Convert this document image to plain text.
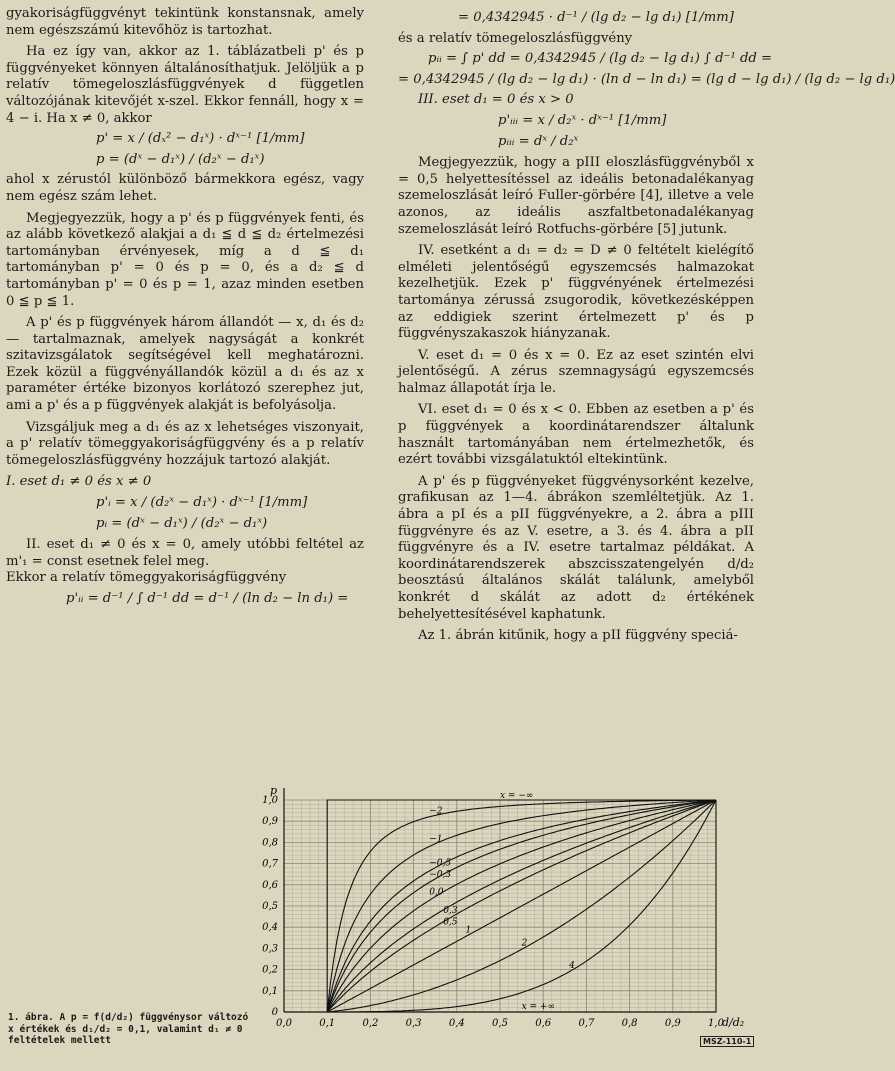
gyakoriságfüggvényt tekintünk konstansnak, amely nem egészszámú kitevőhöz is tartozhat.

Ha ez így van, akkor az 1. táblázatbeli p' és p függvényeket könnyen általánosíthatjuk. Jelöljük a p relatív tömegeloszlásfüggvények d független változójának kitevőjét x-szel. Ekkor fennáll, hogy x = 4 − i. Ha x ≠ 0, akkor

p' = x / (dₓ² − d₁ˣ) · dˣ⁻¹ [1/mm]

p = (dˣ − d₁ˣ) / (d₂ˣ − d₁ˣ)

ahol x zérustól különböző bármekkora egész, vagy nem egész szám lehet.

Megjegyezzük, hogy a p' és p függvények fenti, és az alább következő alakjai a d₁ ≦ d ≦ d₂ értelmezési tartományban érvényesek, míg a d ≦ d₁ tartományban p' = 0 és p = 0, és a d₂ ≦ d tartományban p' = 0 és p = 1, azaz minden esetben 0 ≦ p ≦ 1.

A p' és p függvények három állandót — x, d₁ és d₂ — tartalmaznak, amelyek nagyságát a konkrét szitavizsgálatok segítségével kell meghatározni. Ezek közül a függvényállandók közül a d₁ és az x paraméter értéke bizonyos korlátozó szerephez jut, ami a p' és a p függvények alakját is befolyásolja.

Vizsgáljuk meg a d₁ és az x lehetséges viszonyait, a p' relatív tömeggyakoriságfüggvény és a p relatív tömegeloszlásfüggvény hozzájuk tartozó alakját.

I. eset d₁ ≠ 0 és x ≠ 0

p'ᵢ = x / (d₂ˣ − d₁ˣ) · dˣ⁻¹ [1/mm]

pᵢ = (dˣ − d₁ˣ) / (d₂ˣ − d₁ˣ)

II. eset d₁ ≠ 0 és x = 0, amely utóbbi feltétel az m'₁ = const esetnek felel meg.

Ekkor a relatív tömeggyakoriságfüggvény

p'ᵢᵢ = d⁻¹ / ∫ d⁻¹ dd = d⁻¹ / (ln d₂ − ln d₁) =

= 0,4342945 · d⁻¹ / (lg d₂ − lg d₁) [1/mm]

és a relatív tömegeloszlásfüggvény

pᵢᵢ = ∫ p' dd = 0,4342945 / (lg d₂ − lg d₁) ∫ d⁻¹ dd =

= 0,4342945 / (lg d₂ − lg d₁) · (ln d − ln d₁) = (lg d − lg d₁) / (lg d₂ − lg d₁)

III. eset d₁ = 0 és x > 0

p'ᵢᵢᵢ = x / d₂ˣ · dˣ⁻¹ [1/mm]

pᵢᵢᵢ = dˣ / d₂ˣ

Megjegyezzük, hogy a pIII eloszlásfüggvényből x = 0,5 helyettesítéssel az ideális betonadalékanyag szemeloszlását leíró Fuller-görbére [4], illetve a vele azonos, az ideális aszfaltbetonadalékanyag szemeloszlását leíró Rotfuchs-görbére [5] jutunk.

IV. esetként a d₁ = d₂ = D ≠ 0 feltételt kielégítő elméleti jelentőségű egyszemcsés halmazokat kezelhetjük. Ezek p' függvényének értelmezési tartománya zérussá zsugorodik, következésképpen az eddigiek szerint értelmezett p' és p függvényszakaszok hiányzanak.

V. eset d₁ = 0 és x = 0. Ez az eset szintén elvi jelentőségű. A zérus szemnagyságú egyszemcsés halmaz állapotát írja le.

VI. eset d₁ = 0 és x < 0. Ebben az esetben a p' és p függvények a koordinátarendszer általunk használt tartományában nem értelmezhetők, és ezért további vizsgálatuktól eltekintünk.

A p' és p függvényeket függvénysorként kezelve, grafikusan az 1—4. ábrákon szemléltetjük. Az 1. ábra a pI és a pII függvényekre, a 2. ábra a pIII függvényre és az V. esetre, a 3. és 4. ábra a pII függvényre és a IV. esetre tartalmaz példákat. A koordinátarendszerek abszcisszatengelyén d/d₂ beosztású általános skálát találunk, amelyből konkrét d skálát az adott d₂ értékének behelyettesítésével kaphatunk.

Az 1. ábrán kitűnik, hogy a pII függvény speciá-

0,0	0,1	0,2	0,3	0,4	0,5	0,6	0,7	0,8	0,9	1,0
0
0,1
0,2
0,3
0,4
0,5
0,6
0,7
0,8
0,9
1,0
p
d/d₂
x = −∞
−2
−1
−0,5
−0,3
0,0
0,3
0,5
1
2
4
x = +∞
1. ábra. A p = f(d/d₂) függvénysor változó x értékek és d₁/d₂ = 0,1, valamint d₁ ≠ 0 feltételek mellett	MSZ-110-1
